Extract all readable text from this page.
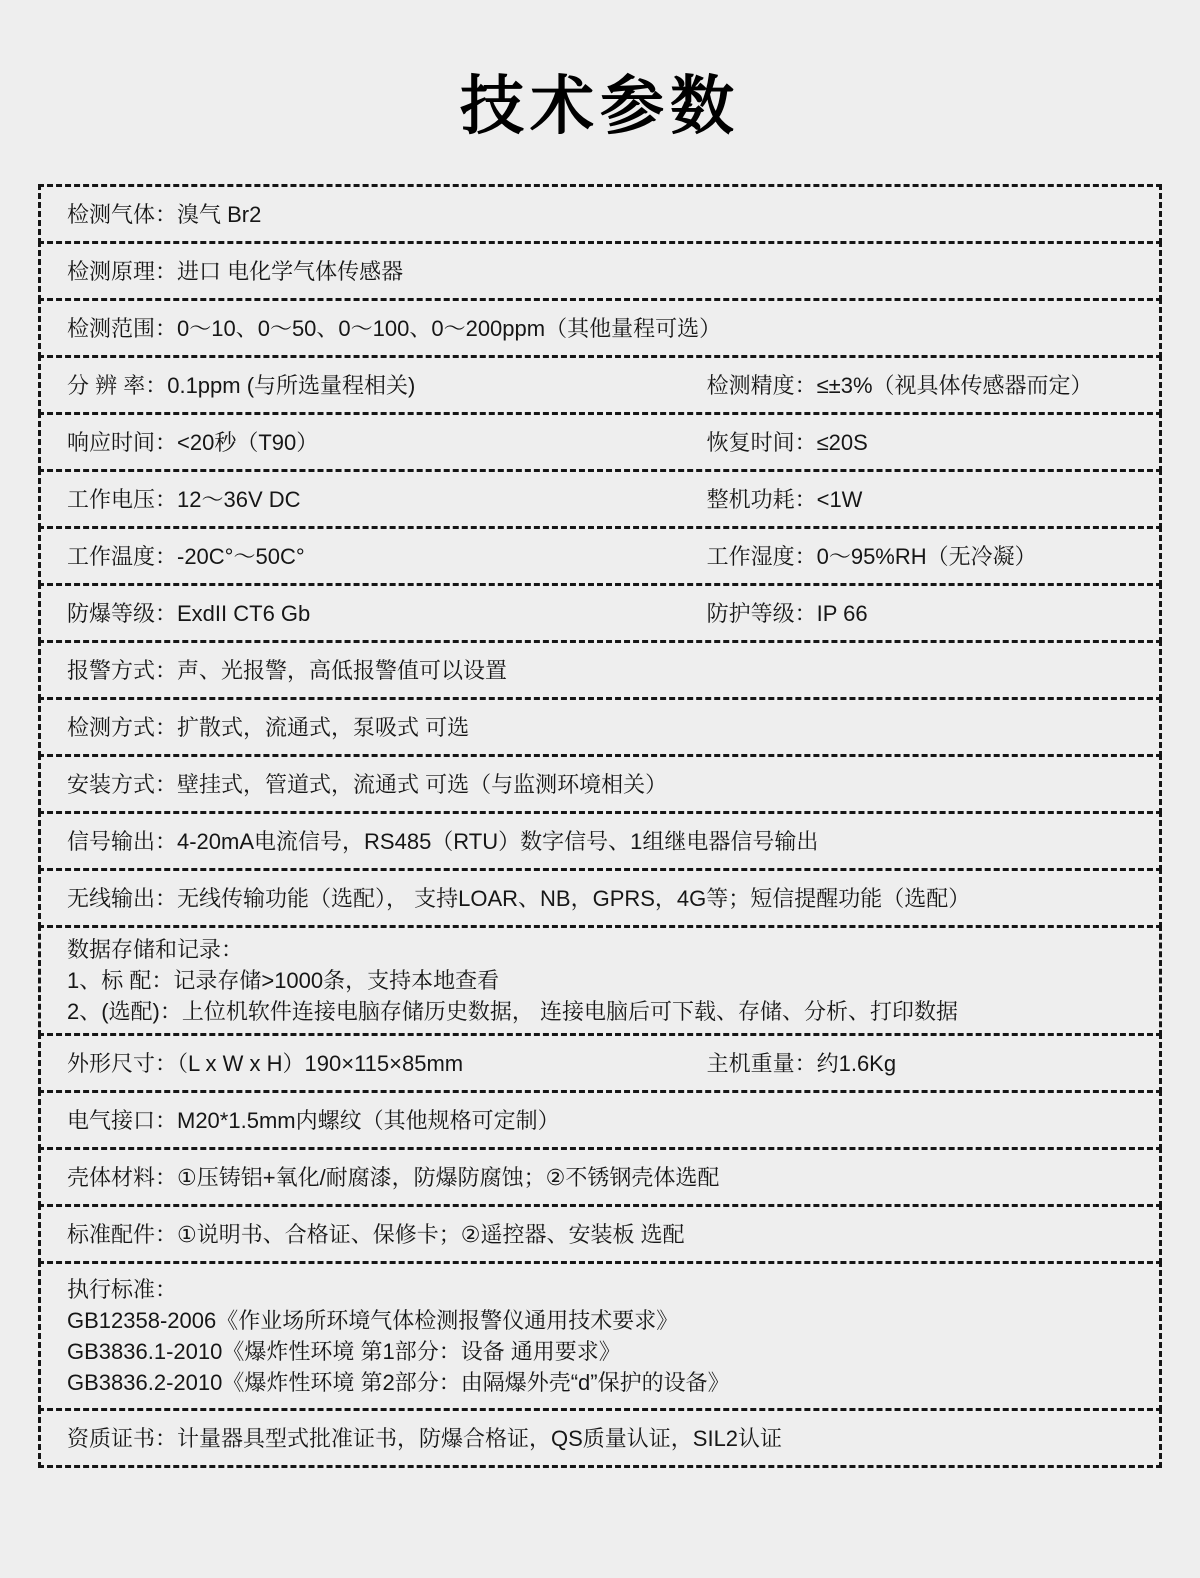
技术参数
检测气体：溴气 Br2
检测原理：进口 电化学气体传感器
检测范围：0～10、0～50、0～100、0～200ppm（其他量程可选）
分 辨 率：0.1ppm (与所选量程相关)	检测精度：≤±3%（视具体传感器而定）
响应时间：<20秒（T90）	恢复时间：≤20S
工作电压：12～36V DC	整机功耗：<1W
工作温度：-20C°～50C°	工作湿度：0～95%RH（无冷凝）
防爆等级：ExdII CT6 Gb	防护等级：IP 66
报警方式：声、光报警，高低报警值可以设置
检测方式：扩散式，流通式，泵吸式 可选
安装方式：壁挂式，管道式，流通式 可选（与监测环境相关）
信号输出：4-20mA电流信号，RS485（RTU）数字信号、1组继电器信号输出
无线输出：无线传输功能（选配）， 支持LOAR、NB，GPRS，4G等；短信提醒功能（选配）
数据存储和记录：
1、标 配：记录存储>1000条，支持本地查看
2、(选配)：上位机软件连接电脑存储历史数据， 连接电脑后可下载、存储、分析、打印数据
外形尺寸：（L x W x H）190×115×85mm	主机重量：约1.6Kg
电气接口：M20*1.5mm内螺纹（其他规格可定制）
壳体材料：①压铸铝+氧化/耐腐漆，防爆防腐蚀；②不锈钢壳体选配
标准配件：①说明书、合格证、保修卡；②遥控器、安装板 选配
执行标准：
GB12358-2006《作业场所环境气体检测报警仪通用技术要求》
GB3836.1-2010《爆炸性环境 第1部分：设备 通用要求》
GB3836.2-2010《爆炸性环境 第2部分：由隔爆外壳“d”保护的设备》
资质证书：计量器具型式批准证书，防爆合格证，QS质量认证，SIL2认证
